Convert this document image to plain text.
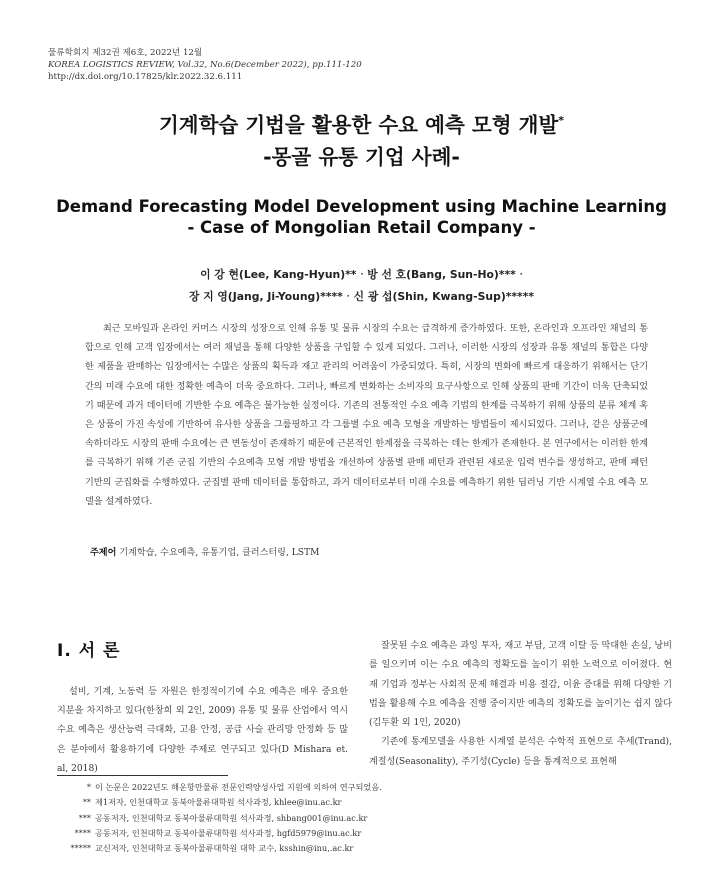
물류학회지 제32권 제6호, 2022년 12월
KOREA LOGISTICS REVIEW, Vol.32, No.6(December 2022), pp.111-120
http://dx.doi.org/10.17825/klr.2022.32.6.111
기계학습 기법을 활용한 수요 예측 모형 개발*
-몽골 유통 기업 사례-
Demand Forecasting Model Development using Machine Learning
- Case of Mongolian Retail Company -
이 강 현(Lee, Kang-Hyun)** ᐧ 방 선 호(Bang, Sun-Ho)*** ᐧ
장 지 영(Jang, Ji-Young)**** ᐧ 신 광 섭(Shin, Kwang-Sup)*****
최근 모바일과 온라인 커머스 시장의 성장으로 인해 유통 및 물류 시장의 수요는 급격하게 증가하였다. 또한, 온라인과 오프라인 채널의 통합으로 인해 고객 입장에서는 여러 채널을 통해 다양한 상품을 구입할 수 있게 되었다. 그러나, 이러한 시장의 성장과 유통 채널의 통합은 다양한 제품을 판매하는 입장에서는 수많은 상품의 획득과 재고 관리의 어려움이 가중되었다. 특히, 시장의 변화에 빠르게 대응하기 위해서는 단기간의 미래 수요에 대한 정확한 예측이 더욱 중요하다. 그러나, 빠르게 변화하는 소비자의 요구사항으로 인해 상품의 판매 기간이 더욱 단축되었기 때문에 과거 데이터에 기반한 수요 예측은 불가능한 실정이다. 기존의 전통적인 수요 예측 기법의 한계를 극복하기 위해 상품의 분류 체계 혹은 상품이 가진 속성에 기반하여 유사한 상품을 그룹핑하고 각 그룹별 수요 예측 모형을 개발하는 방법들이 제시되었다. 그러나, 같은 상품군에 속하더라도 시장의 판매 수요에는 큰 변동성이 존재하기 때문에 근본적인 한계점을 극복하는 데는 한계가 존재한다. 본 연구에서는 이러한 한계를 극복하기 위해 기존 군집 기반의 수요예측 모형 개발 방법을 개선하여 상품별 판매 패턴과 관련된 새로운 입력 변수를 생성하고, 판매 패턴 기반의 군집화를 수행하였다. 군집별 판매 데이터를 통합하고, 과거 데이터로부터 미래 수요를 예측하기 위한 딥러닝 기반 시계열 수요 예측 모델을 설계하였다.
주제어 기계학습, 수요예측, 유통기업, 클러스터링, LSTM
Ⅰ. 서 론
설비, 기계, 노동력 등 자원은 한정적이기에 수요 예측은 매우 중요한 지분을 차지하고 있다(한창희 외 2인, 2009) 유통 및 물류 산업에서 역시 수요 예측은 생산능력 극대화, 고용 안정, 공급 사슬 관리망 안정화 등 많은 분야에서 활용하기에 다양한 주제로 연구되고 있다(D Mishara et. al, 2018)

잘못된 수요 예측은 과잉 투자, 재고 부담, 고객 이탈 등 막대한 손실, 낭비를 일으키며 이는 수요 예측의 정확도를 높이기 위한 노력으로 이어졌다. 현재 기업과 정부는 사회적 문제 해결과 비용 절감, 이윤 증대를 위해 다양한 기법을 활용해 수요 예측을 진행 중이지만 예측의 정확도를 높이기는 쉽지 않다(김두환 외 1인, 2020)

기존에 통계모델을 사용한 시계열 분석은 수학적 표현으로 추세(Trand), 계절성(Seasonality), 주기성(Cycle) 등을 통계적으로 표현해

* 이 논문은 2022년도 해운항만물류 전문인력양성사업 지원에 의하여 연구되었음.
** 제1저자, 인천대학교 동북아물류대학원 석사과정, khlee@inu.ac.kr
*** 공동저자, 인천대학교 동북아물류대학원 석사과정, shbang001@inu.ac.kr
**** 공동저자, 인천대학교 동북아물류대학원 석사과정, hgfd5979@inu.ac.kr
***** 교신저자, 인천대학교 동북아물류대학원 대학 교수, ksshin@inu,.ac.kr
